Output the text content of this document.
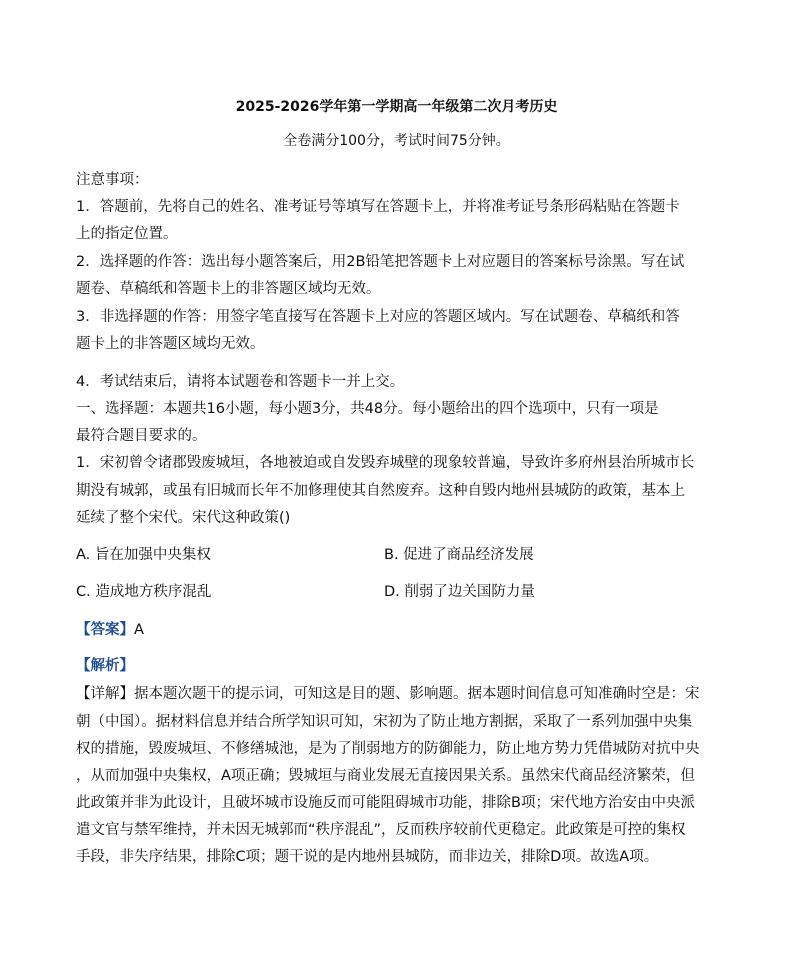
2025-2026学年第一学期高一年级第二次月考历史
全卷满分100分，考试时间75分钟。
注意事项：
1．答题前，先将自己的姓名、准考证号等填写在答题卡上，并将准考证号条形码粘贴在答题卡
上的指定位置。
2．选择题的作答：选出每小题答案后，用2B铅笔把答题卡上对应题目的答案标号涂黑。写在试
题卷、草稿纸和答题卡上的非答题区域均无效。
3．非选择题的作答：用签字笔直接写在答题卡上对应的答题区域内。写在试题卷、草稿纸和答
题卡上的非答题区域均无效。
4．考试结束后，请将本试题卷和答题卡一并上交。
一、选择题：本题共16小题，每小题3分，共48分。每小题给出的四个选项中，只有一项是
最符合题目要求的。
1．宋初曾令诸郡毁废城垣，各地被迫或自发毁弃城壁的现象较普遍，导致许多府州县治所城市长
期没有城郭，或虽有旧城而长年不加修理使其自然废弃。这种自毁内地州县城防的政策，基本上
延续了整个宋代。宋代这种政策()
A. 旨在加强中央集权	B. 促进了商品经济发展
C. 造成地方秩序混乱	D. 削弱了边关国防力量
【答案】A
【解析】
【详解】据本题次题干的提示词，可知这是目的题、影响题。据本题时间信息可知准确时空是：宋
朝（中国）。据材料信息并结合所学知识可知，宋初为了防止地方割据，采取了一系列加强中央集
权的措施，毁废城垣、不修缮城池，是为了削弱地方的防御能力，防止地方势力凭借城防对抗中央
，从而加强中央集权，A项正确；毁城垣与商业发展无直接因果关系。虽然宋代商品经济繁荣，但
此政策并非为此设计，且破坏城市设施反而可能阻碍城市功能，排除B项；宋代地方治安由中央派
遣文官与禁军维持，并未因无城郭而“秩序混乱”，反而秩序较前代更稳定。此政策是可控的集权
手段，非失序结果，排除C项；题干说的是内地州县城防，而非边关，排除D项。故选A项。
